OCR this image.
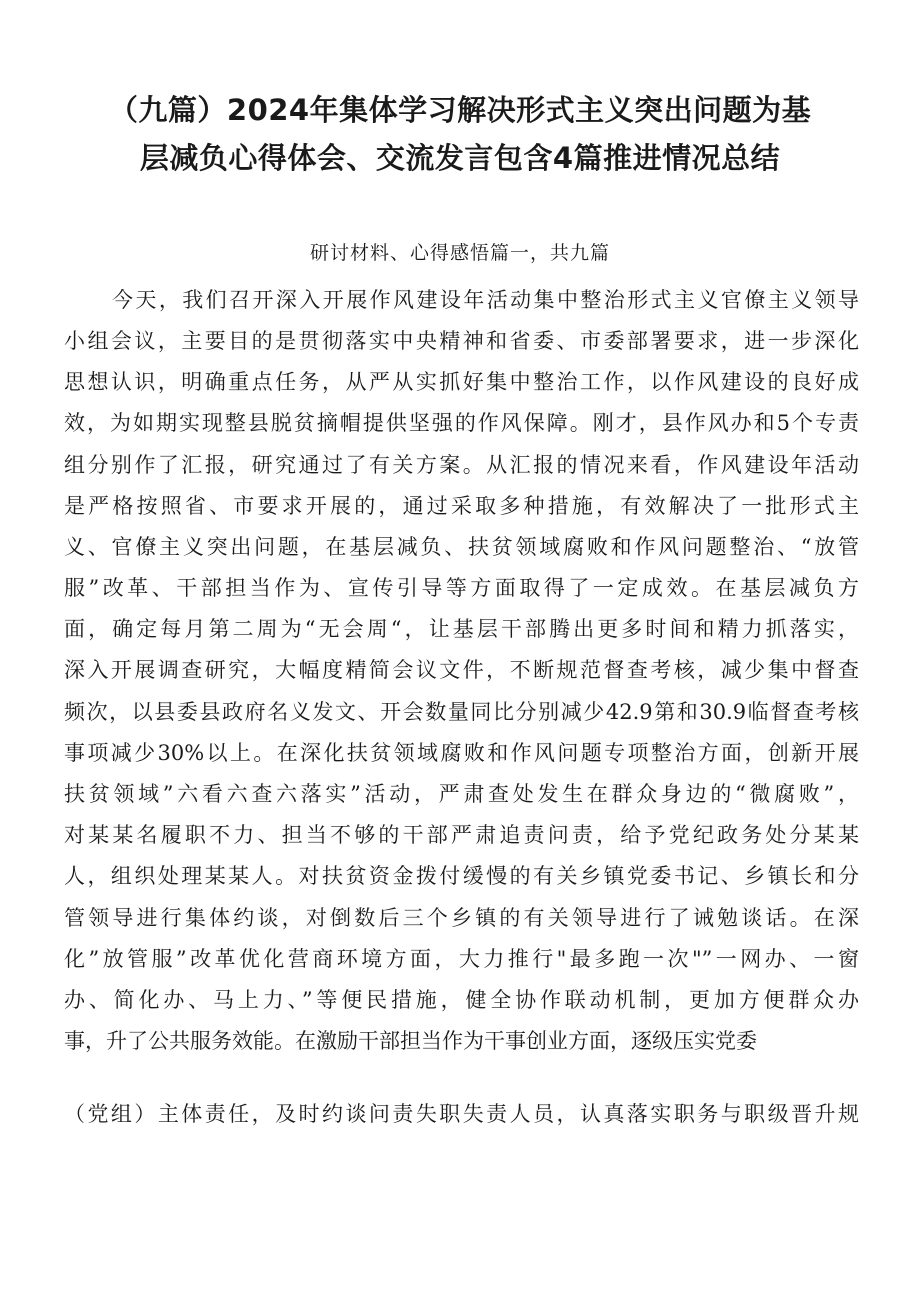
（九篇）2024年集体学习解决形式主义突出问题为基
层减负心得体会、交流发言包含4篇推进情况总结
研讨材料、心得感悟篇一，共九篇
今天，我们召开深入开展作风建设年活动集中整治形式主义官僚主义领导
小组会议，主要目的是贯彻落实中央精神和省委、市委部署要求，进一步深化
思想认识，明确重点任务，从严从实抓好集中整治工作，以作风建设的良好成
效，为如期实现整县脱贫摘帽提供坚强的作风保障。刚才，县作风办和5个专责
组分别作了汇报，研究通过了有关方案。从汇报的情况来看，作风建设年活动
是严格按照省、市要求开展的，通过采取多种措施，有效解决了一批形式主
义、官僚主义突出问题，在基层减负、扶贫领域腐败和作风问题整治、“放管
服”改革、干部担当作为、宣传引导等方面取得了一定成效。在基层减负方
面，确定每月第二周为“无会周“，让基层干部腾出更多时间和精力抓落实，
深入开展调查研究，大幅度精简会议文件，不断规范督查考核，减少集中督查
频次，以县委县政府名义发文、开会数量同比分别减少42.9第和30.9临督查考核
事项减少30%以上。在深化扶贫领域腐败和作风问题专项整治方面，创新开展
扶贫领域”六看六查六落实”活动，严肃查处发生在群众身边的“微腐败”，
对某某名履职不力、担当不够的干部严肃追责问责，给予党纪政务处分某某
人，组织处理某某人。对扶贫资金拨付缓慢的有关乡镇党委书记、乡镇长和分
管领导进行集体约谈，对倒数后三个乡镇的有关领导进行了诫勉谈话。在深
化”放管服”改革优化营商环境方面，大力推行"最多跑一次"”一网办、一窗
办、简化办、马上力、”等便民措施，健全协作联动机制，更加方便群众办
事，升了公共服务效能。在激励干部担当作为干事创业方面，逐级压实党委
（党组）主体责任，及时约谈问责失职失责人员，认真落实职务与职级晋升规
